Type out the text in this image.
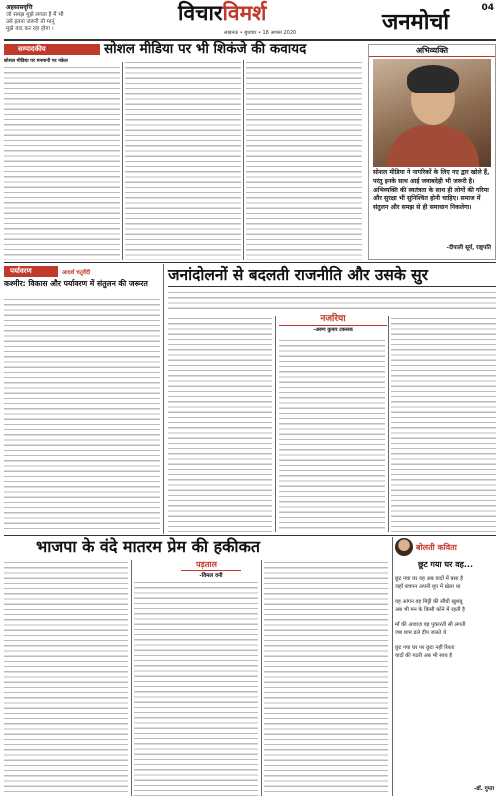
अहसासवृत्ति
जो समझ मुझे लगता है मैं भी
उसे इतना जरूरी तो मानूं
मुझे याद कर रहा होगा ।
विचारविमर्श
लखनऊ • बुधवार • 18 अगस्त 2020	जनमोर्चा
04
सम्पादकीय	सोशल मीडिया पर भी शिकंजे की कवायद
सोशल मीडिया पर मनमानी पर नकेल
अभिव्यक्ति
सोशल मीडिया ने नागरिकों के लिए नए द्वार खोले हैं, परंतु इनके साथ आई जवाबदेही भी जरूरी है। अभिव्यक्ति की स्वतंत्रता के साथ ही लोगों की गरिमा और सुरक्षा भी सुनिश्चित होनी चाहिए। समाज में संतुलन और समझ से ही समाधान निकलेगा।
-दीपाली सूर्य, राष्ट्रपति
पर्यावरण	आदर्श चतुर्वेदी
कश्मीर: विकास और पर्यावरण में संतुलन की जरूरत	जनांदोलनों से बदलती राजनीति और उसके सुर
नजरिया
-अरुण कुमार टकसक
भाजपा के वंदे मातरम प्रेम की हकीकत
पड़ताल
-विमल वनी
बोलती कविता
छूट गया घर वह...
छूट गया घर वह अब यादों में बसा है
जहाँ बचपन अपनी धूप में खेला था
वह आंगन वह मिट्टी की सौंधी खुशबू
अब भी मन के किसी कोने में रहती है
माँ की आवाज़ वह पुकारती सी लगती
जब शाम ढले दीप जलते थे
छूट गया घर पर छूटा नहीं रिश्ता
यादों की गठरी अब भी साथ है
-डॉ. गुप्ता
